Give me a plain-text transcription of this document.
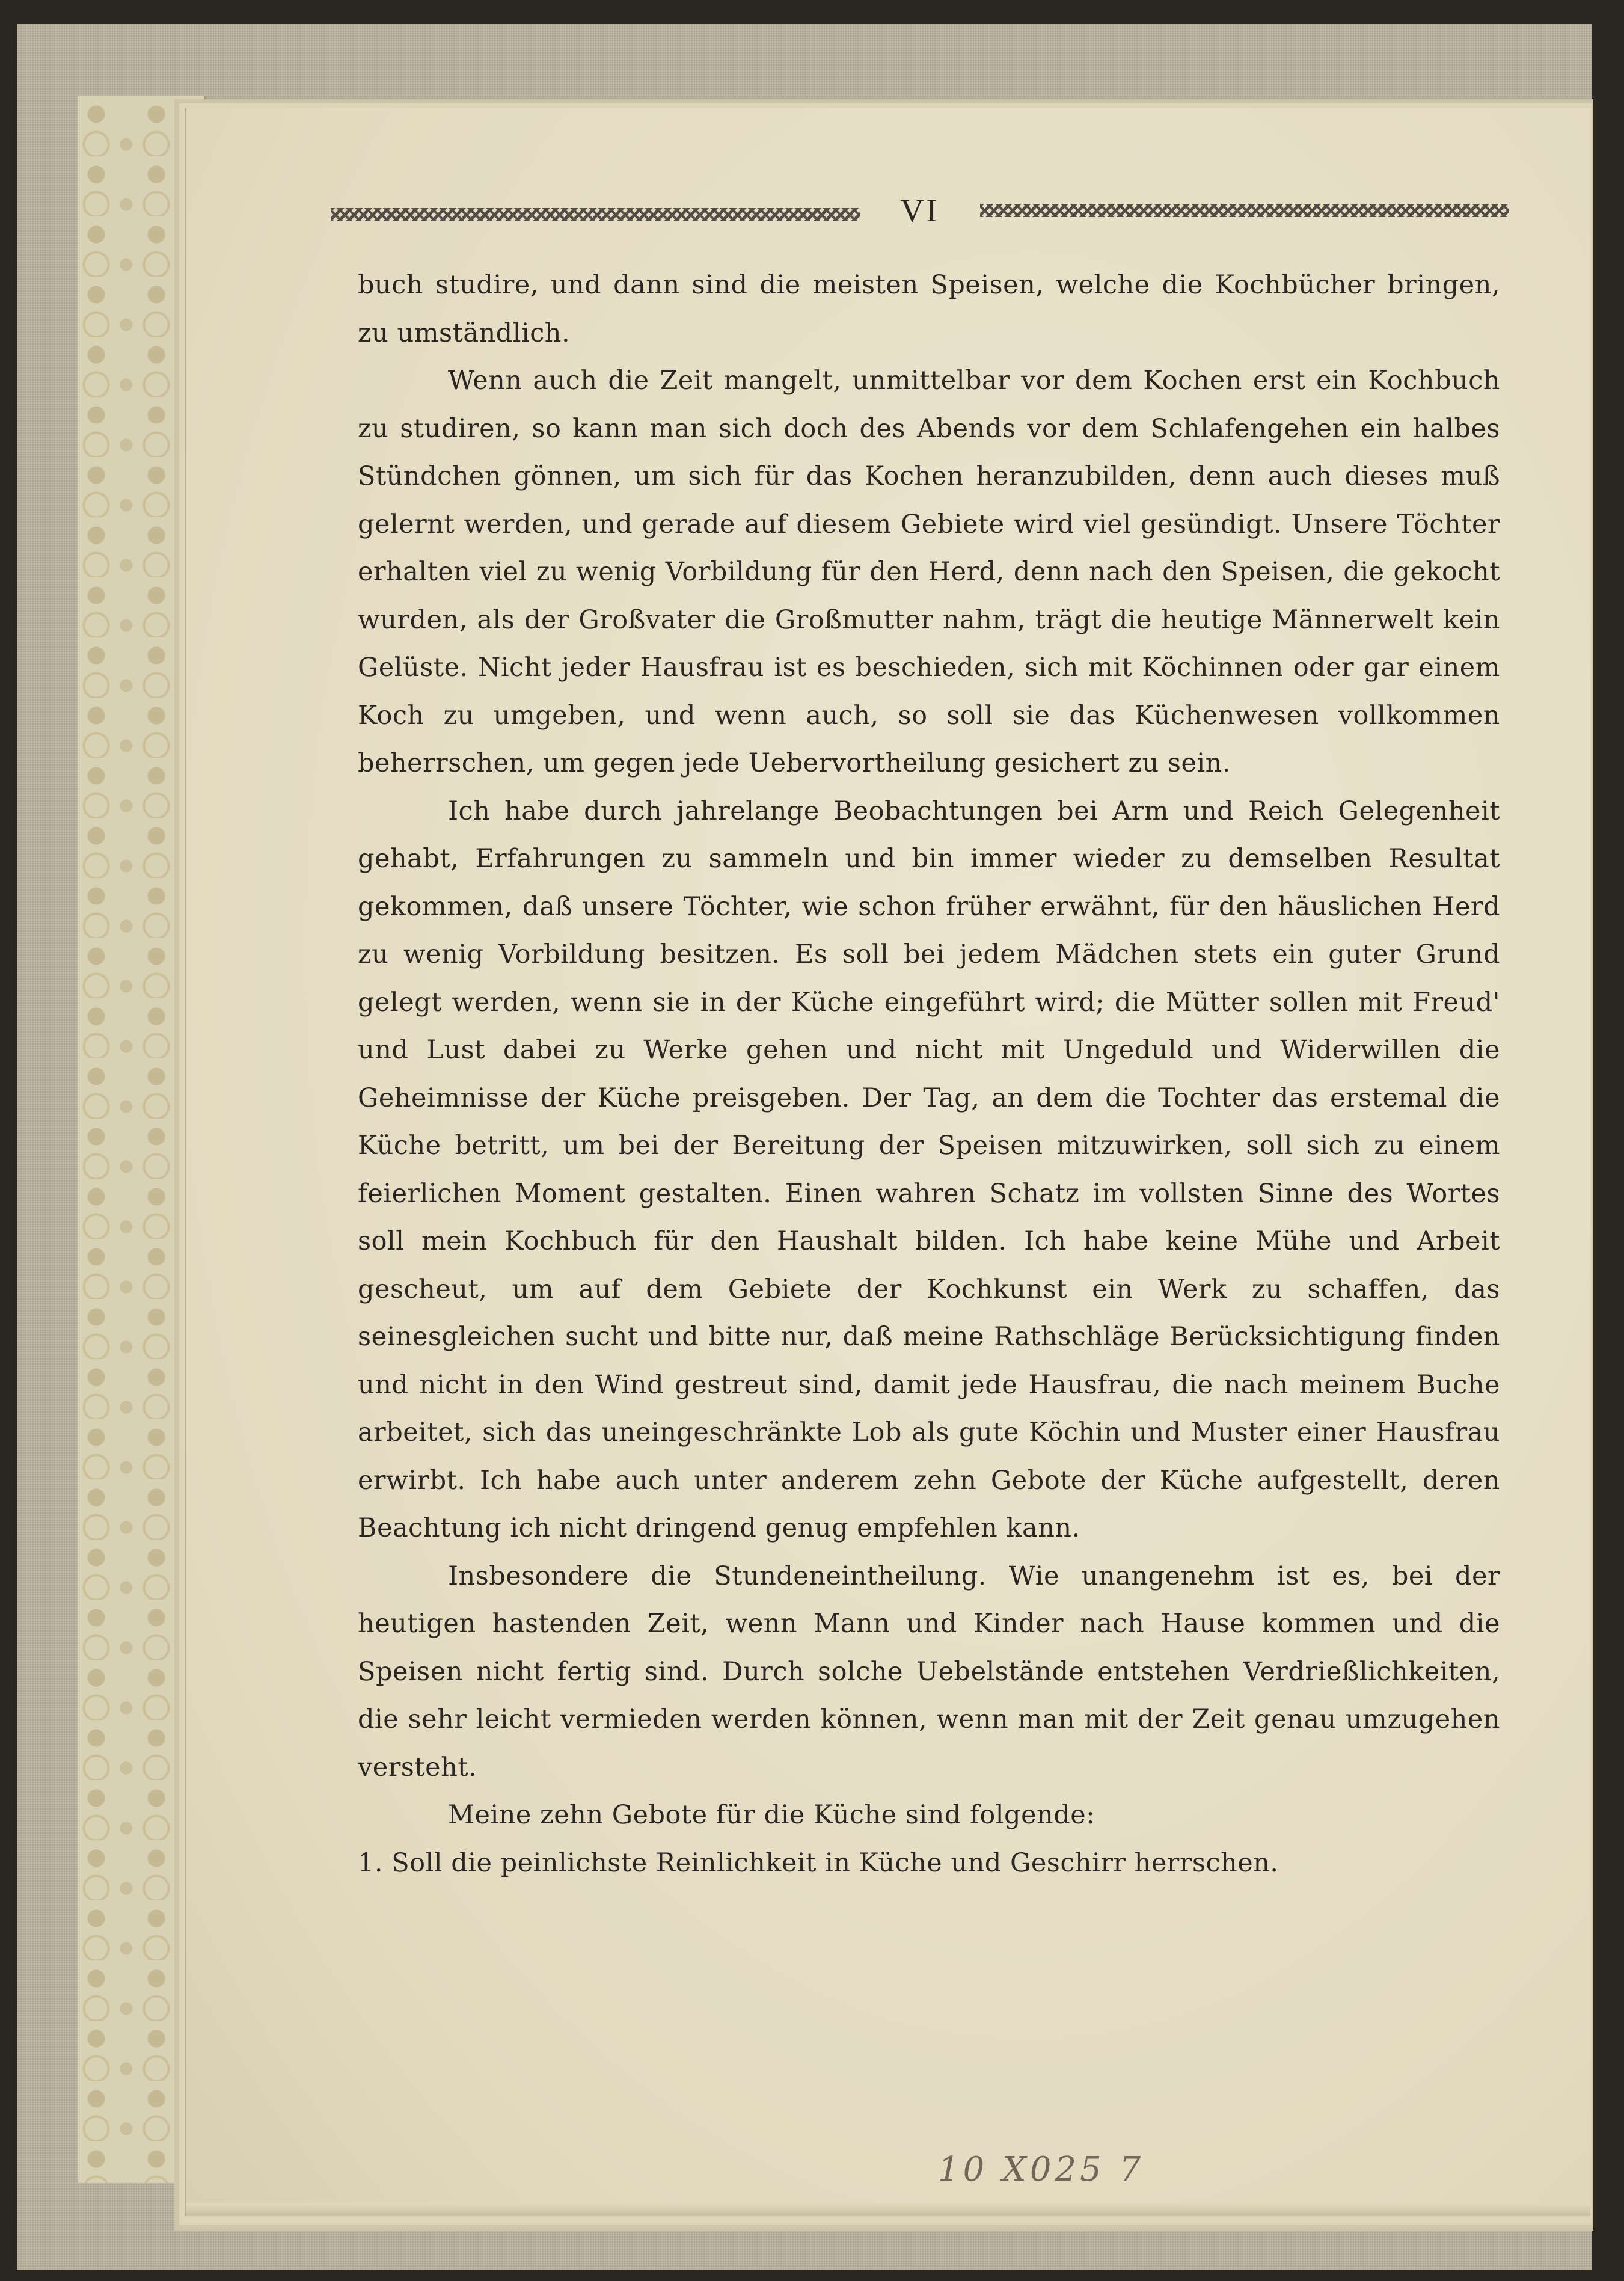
VI

buch studire, und dann sind die meisten Speisen, welche die Kochbücher bringen, zu umständlich.

Wenn auch die Zeit mangelt, unmittelbar vor dem Kochen erst ein Kochbuch zu studiren, so kann man sich doch des Abends vor dem Schlafengehen ein halbes Stündchen gönnen, um sich für das Kochen heranzubilden, denn auch dieses muß gelernt werden, und gerade auf diesem Gebiete wird viel gesündigt. Unsere Töchter erhalten viel zu wenig Vorbildung für den Herd, denn nach den Speisen, die gekocht wurden, als der Großvater die Großmutter nahm, trägt die heutige Männerwelt kein Gelüste. Nicht jeder Hausfrau ist es beschieden, sich mit Köchinnen oder gar einem Koch zu umgeben, und wenn auch, so soll sie das Küchenwesen vollkommen beherrschen, um gegen jede Uebervortheilung gesichert zu sein.

Ich habe durch jahrelange Beobachtungen bei Arm und Reich Gelegenheit gehabt, Erfahrungen zu sammeln und bin immer wieder zu demselben Resultat gekommen, daß unsere Töchter, wie schon früher erwähnt, für den häuslichen Herd zu wenig Vorbildung besitzen. Es soll bei jedem Mädchen stets ein guter Grund gelegt werden, wenn sie in der Küche eingeführt wird; die Mütter sollen mit Freud' und Lust dabei zu Werke gehen und nicht mit Ungeduld und Widerwillen die Geheimnisse der Küche preisgeben. Der Tag, an dem die Tochter das erstemal die Küche betritt, um bei der Bereitung der Speisen mitzuwirken, soll sich zu einem feierlichen Moment gestalten. Einen wahren Schatz im vollsten Sinne des Wortes soll mein Kochbuch für den Haushalt bilden. Ich habe keine Mühe und Arbeit gescheut, um auf dem Gebiete der Kochkunst ein Werk zu schaffen, das seinesgleichen sucht und bitte nur, daß meine Rathschläge Berücksichtigung finden und nicht in den Wind gestreut sind, damit jede Hausfrau, die nach meinem Buche arbeitet, sich das uneingeschränkte Lob als gute Köchin und Muster einer Hausfrau erwirbt. Ich habe auch unter anderem zehn Gebote der Küche aufgestellt, deren Beachtung ich nicht dringend genug empfehlen kann.

Insbesondere die Stundeneintheilung. Wie unangenehm ist es, bei der heutigen hastenden Zeit, wenn Mann und Kinder nach Hause kommen und die Speisen nicht fertig sind. Durch solche Uebelstände entstehen Verdrießlichkeiten, die sehr leicht vermieden werden können, wenn man mit der Zeit genau umzugehen versteht.

Meine zehn Gebote für die Küche sind folgende:

1. Soll die peinlichste Reinlichkeit in Küche und Geschirr herrschen.

10 X025 7
